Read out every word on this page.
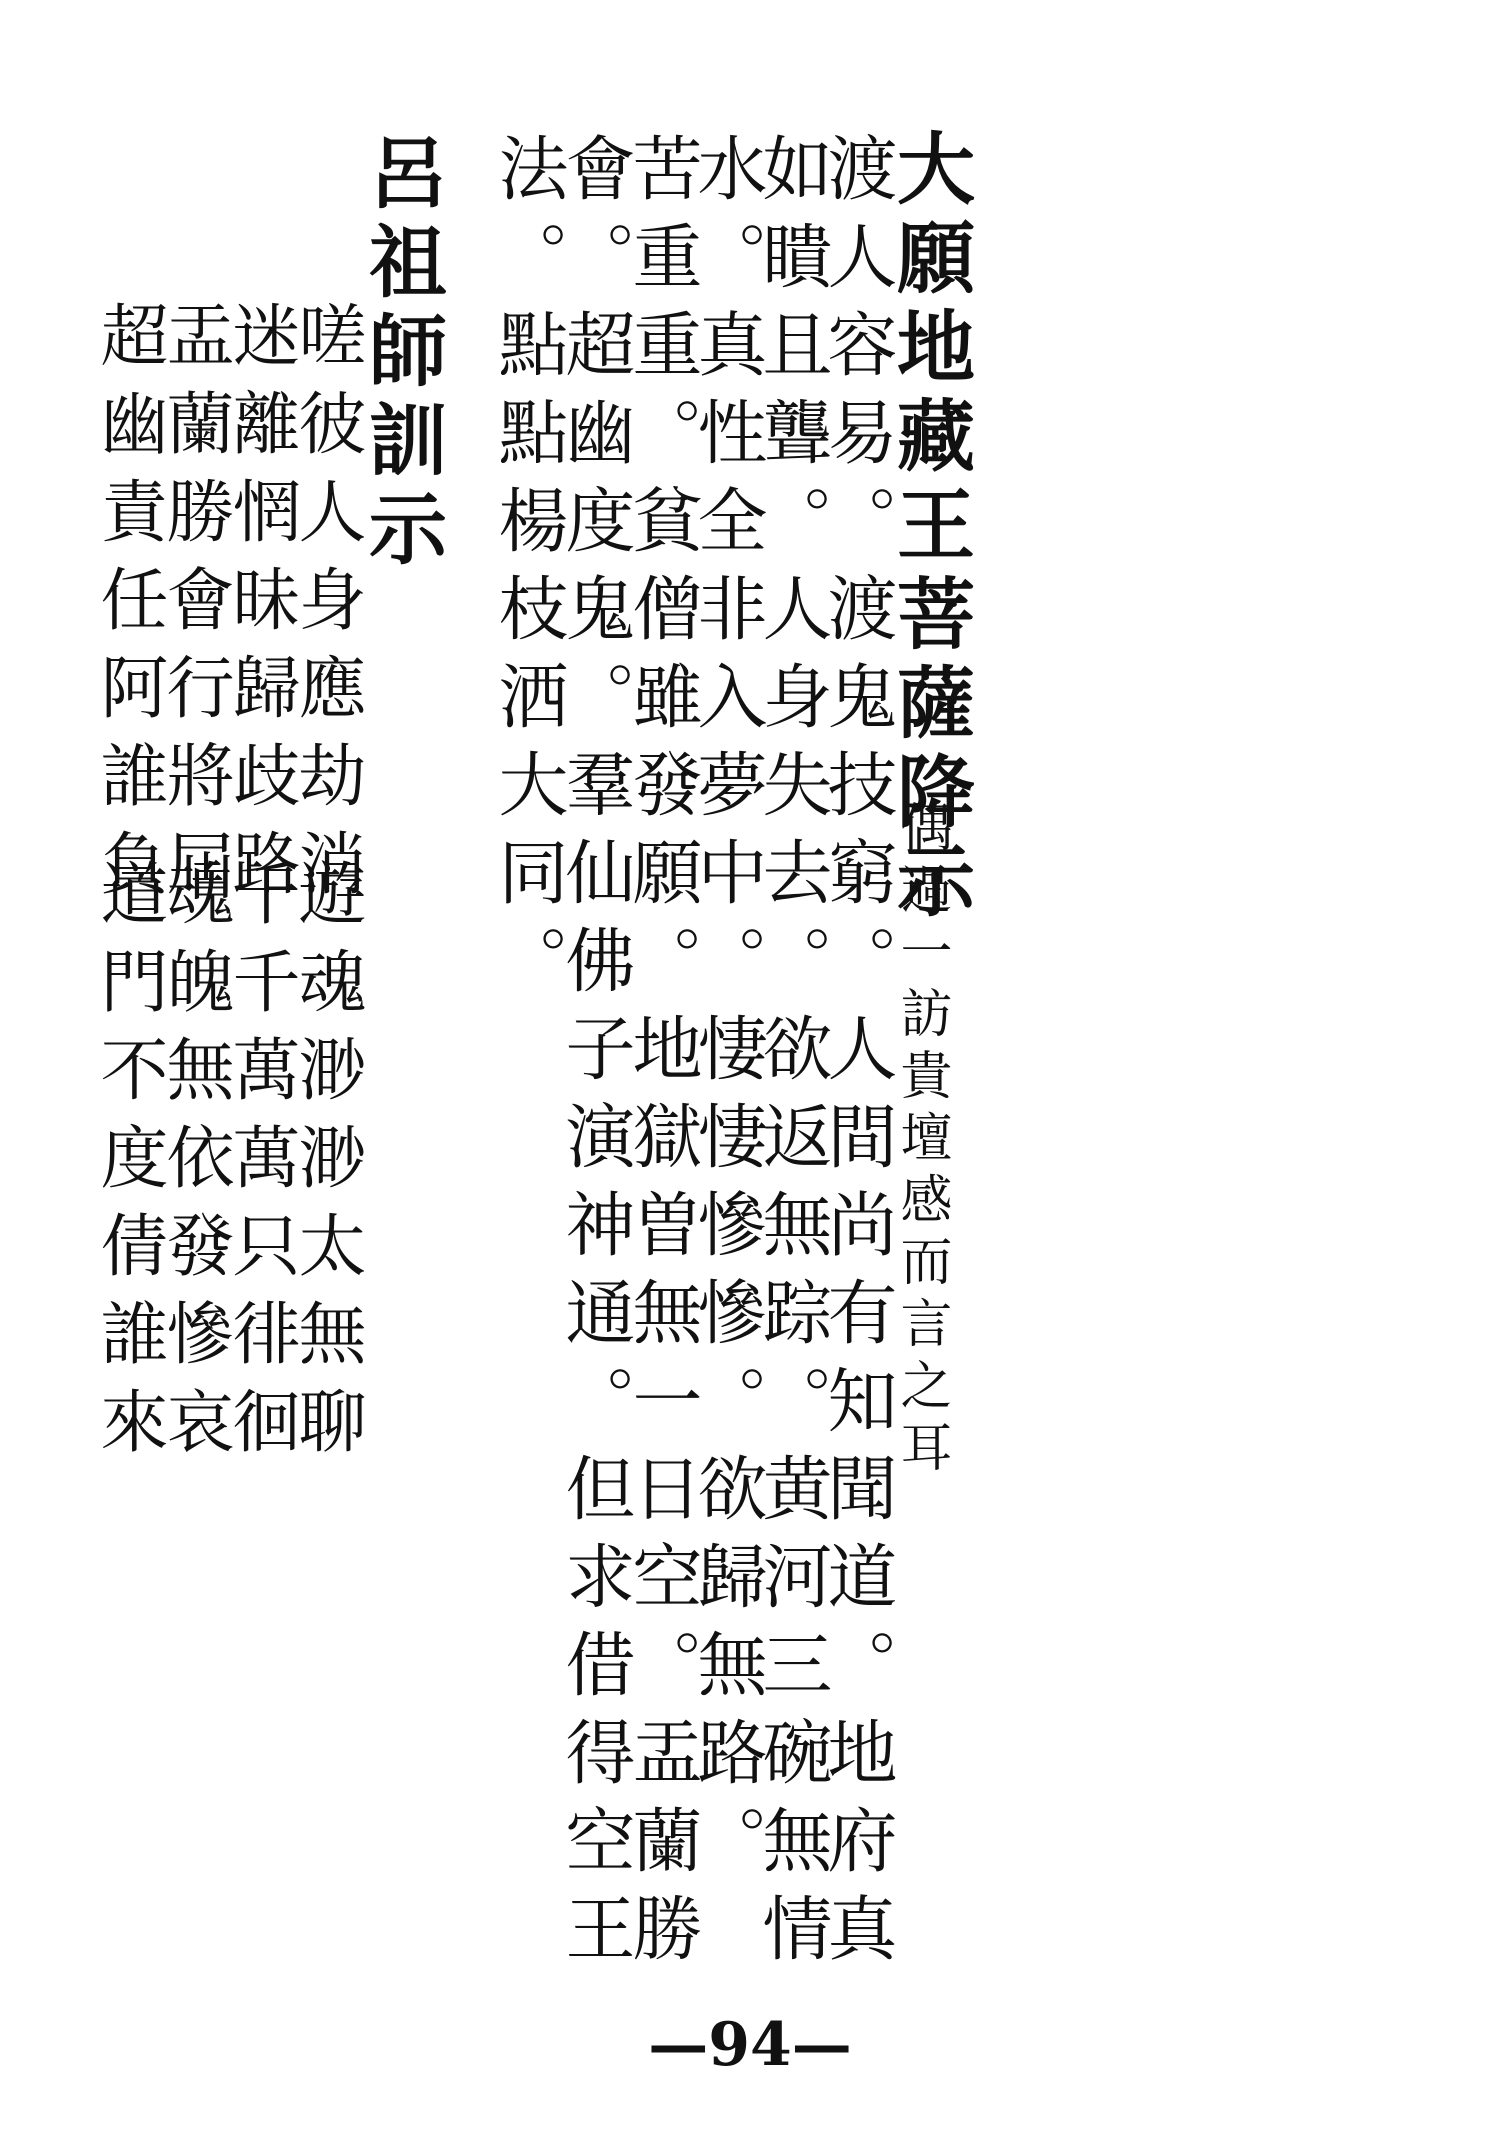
大願地藏王菩薩降示
偶過一訪貴壇感而言之耳
渡人容易。渡鬼技窮。人間尚有知聞道。地府真
如瞶且聾。人身失去。欲返無踪。黄河三碗無情
水。真性全非入夢中。悽悽慘慘。欲歸無路。
苦重重。貧僧雖發願。地獄曽無一日空。盂蘭勝
會。超幽度鬼。羣仙佛子演神通。但求借得空王
法。點點楊枝洒大同。
呂祖師訓示
嗟彼人身應劫消
迷離惘昧歸歧路
盂蘭勝會行將屆
超幽責任阿誰負
遊魂渺渺太無聊
千千萬萬只徘徊
魂魄無依發慘哀
道門不度倩誰來
—94—
